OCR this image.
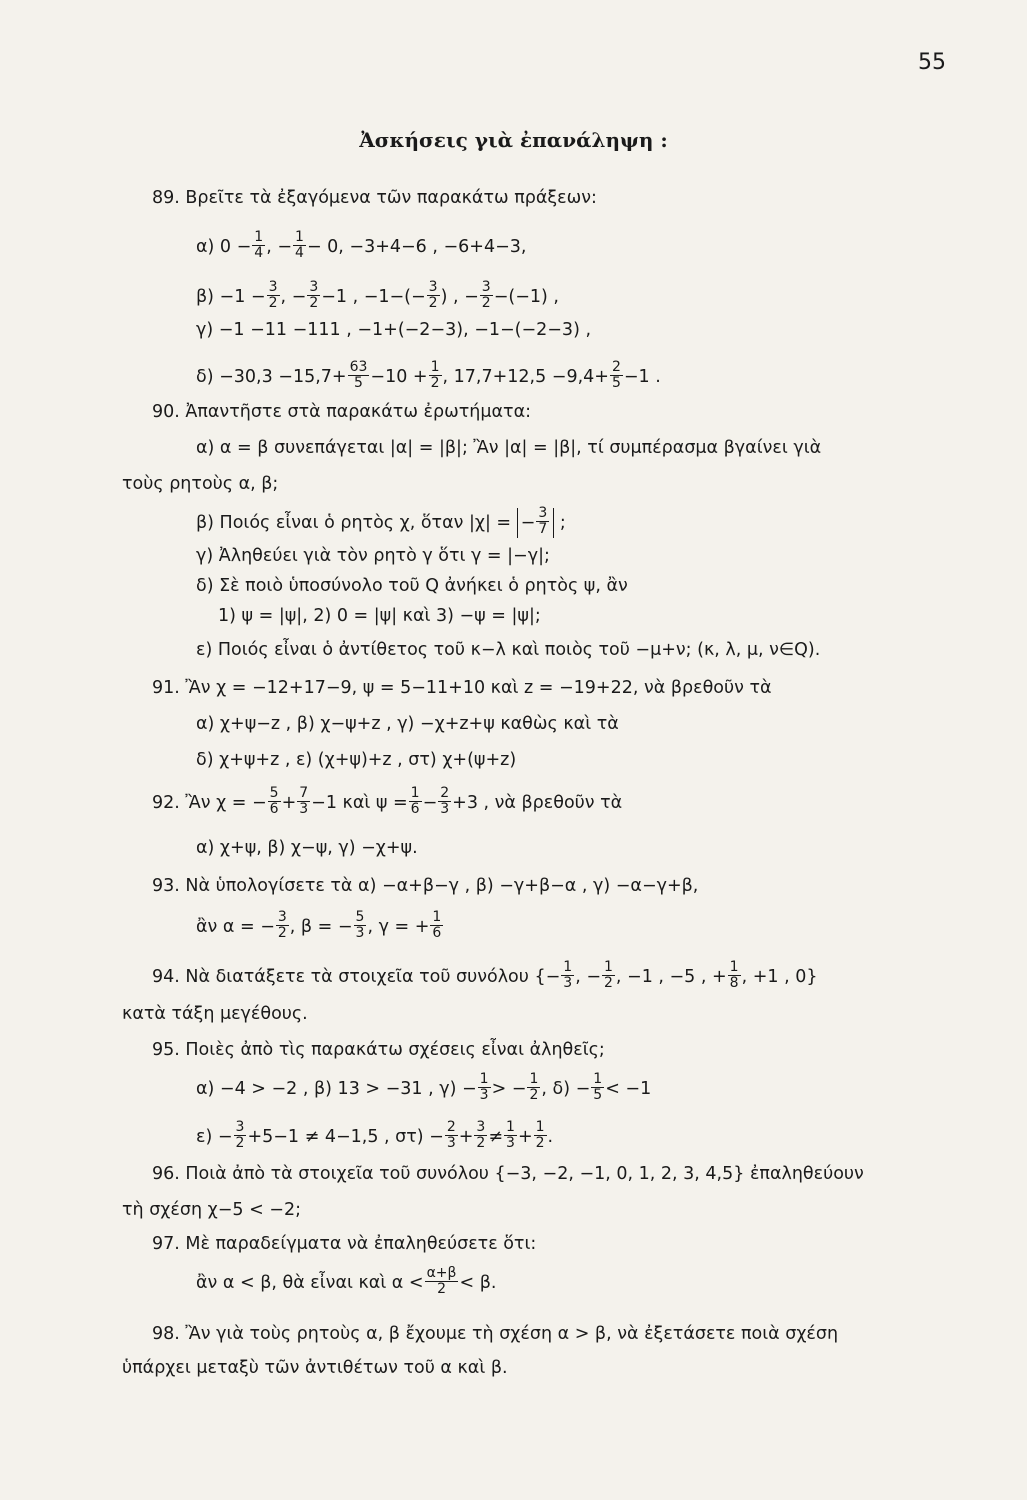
55
Ἀσκήσεις γιὰ ἐπανάληψη :
89. Βρεῖτε τὰ ἐξαγόμενα τῶν παρακάτω πράξεων:
α) $0 - \frac{1}{4}$ , − $\frac{1}{4} - 0$, −3+4−6 , −6+4−3,
$\beta) -1 - \frac{3}{2}$ , − $\frac{3}{2} -1$ , $-1-(- \frac{3}{2}$ ) , − $\frac{3}{2} -(-1)$ ,
γ) −1 −11 −111 , −1+(−2−3), −1−(−2−3) ,
$\delta) -30,3 -15,7+ \frac{63}{5} -10 + \frac{1}{2}$ , $17,7+12,5 -9,4+ \frac{2}{5} -1$ .
90. Ἀπαντῆστε στὰ παρακάτω ἐρωτήματα:
α) α = β συνεπάγεται |α| = |β|; Ἂν |α| = |β|, τί συμπέρασμα βγαίνει γιὰ
τοὺς ρητοὺς α, β;
β) Ποιός εἶναι ὁ ρητὸς χ, ὅταν |χ| = − $\frac{3}{7}$ ;
γ) Ἀληθεύει γιὰ τὸν ρητὸ γ ὅτι γ = |−γ|;
δ) Σὲ ποιὸ ὑποσύνολο τοῦ Q ἀνήκει ὁ ρητὸς ψ, ἂν
1) ψ = |ψ|, 2) 0 = |ψ| καὶ 3) −ψ = |ψ|;
ε) Ποιός εἶναι ὁ ἀντίθετος τοῦ κ−λ καὶ ποιὸς τοῦ −μ+ν; (κ, λ, μ, ν∈Q).
91. Ἂν χ = −12+17−9, ψ = 5−11+10 καὶ z = −19+22, νὰ βρεθοῦν τὰ
α) χ+ψ−z , β) χ−ψ+z , γ) −χ+z+ψ καθὼς καὶ τὰ
δ) χ+ψ+z , ε) (χ+ψ)+z , στ) χ+(ψ+z)
92. Ἂν χ = − $\frac{5}{6} + \frac{7}{3} -1$ καὶ $\psi = \frac{1}{6} - \frac{2}{3} +3$ , νὰ βρεθοῦν τὰ
α) χ+ψ, β) χ−ψ, γ) −χ+ψ.
93. Νὰ ὑπολογίσετε τὰ α) −α+β−γ , β) −γ+β−α , γ) −α−γ+β,
ἂν α = − $\frac{3}{2}$ , β = − $\frac{5}{3}$ , γ = + $\frac{1}{6}$
94. Νὰ διατάξετε τὰ στοιχεῖα τοῦ συνόλου {− $\frac{1}{3}$ , − $\frac{1}{2}$ , −1 , −5 , + $\frac{1}{8}$ , +1 , 0}
κατὰ τάξη μεγέθους.
95. Ποιὲς ἀπὸ τὶς παρακάτω σχέσεις εἶναι ἀληθεῖς;
α) −4 > −2 , β) 13 > −31 , $\gamma) - \frac{1}{3}$ > − $\frac{1}{2}$ , $\delta) - \frac{1}{5} < -1$
$\varepsilon) - \frac{3}{2} +5-1 \ne 4-1,5$ , $\sigma\tau) - \frac{2}{3} + \frac{3}{2} \ne \frac{1}{3} + \frac{1}{2}$ .
96. Ποιὰ ἀπὸ τὰ στοιχεῖα τοῦ συνόλου {−3, −2, −1, 0, 1, 2, 3, 4,5} ἐπαληθεύουν
τὴ σχέση χ−5 < −2;
97. Μὲ παραδείγματα νὰ ἐπαληθεύσετε ὅτι:
ἂν α < β, θὰ εἶναι καὶ $\alpha < \frac{\alpha+\beta}{2} < \beta$.
98. Ἂν γιὰ τοὺς ρητοὺς α, β ἔχουμε τὴ σχέση α > β, νὰ ἐξετάσετε ποιὰ σχέση
ὑπάρχει μεταξὺ τῶν ἀντιθέτων τοῦ α καὶ β.
